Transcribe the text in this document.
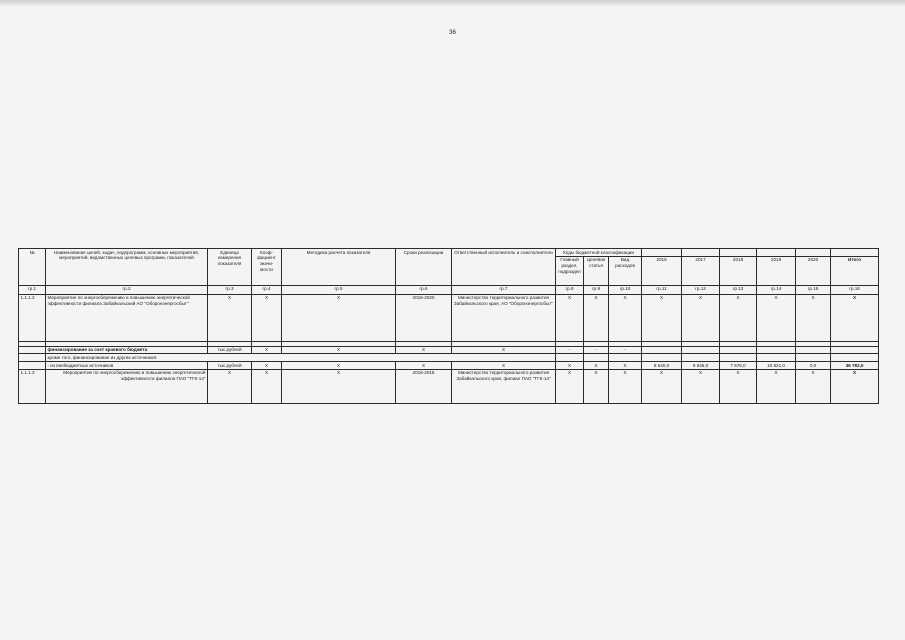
36
№	Наименование целей, задач, подпрограмм, основных мероприятий, мероприятий, ведомственных целевых программ, показателей	Единица измерения показателя	Коэф-фициент значи-мости	Методика расчета показателя	Сроки реализации	Ответственный исполнитель и соисполнители	Коды бюджетной классификации								
							Главный раздел, подраздел	Целевая статья	Вид расходов	2016	2017	2018	2019	2020	Итого
гр.1	гр.2	гр.3	гр.4	гр.5	гр.6	гр.7	гр.8	гр.9	гр.10	гр.11	гр.12	гр.13	гр.14	гр.15	гр.16
1.1.1.2	Мероприятие по энергосбережению и повышению энергетической эффективности филиала Забайкальский АО "Оборонэнергосбыт"	Х	Х	Х	2016-2020	Министерство территориального развития Забайкальского края, АО "Оборонэнергосбыт"	Х	Х	Х	Х	Х	Х	Х	Х	Х

	финансирование за счет краевого бюджета	тыс.рублей	Х	Х	Х	Х	-	-	-						
	кроме того, финансирование из других источников:														
	- из внебюджетных источников	тыс.рублей	Х	Х	Х	Х	Х	Х	Х	8 540,0	9 845,0	7 576,0	10 821,0	0,0	36 782,0
1.1.1.3	Мероприятие по энергосбережению и повышению энергетической эффективности филиала ПАО "ТГК-14"	Х	Х	Х	2016-2018	Министерство территориального развития Забайкальского края, филиал ПАО "ТГК-14"	Х	Х	Х	Х	Х	Х	Х	Х	Х
